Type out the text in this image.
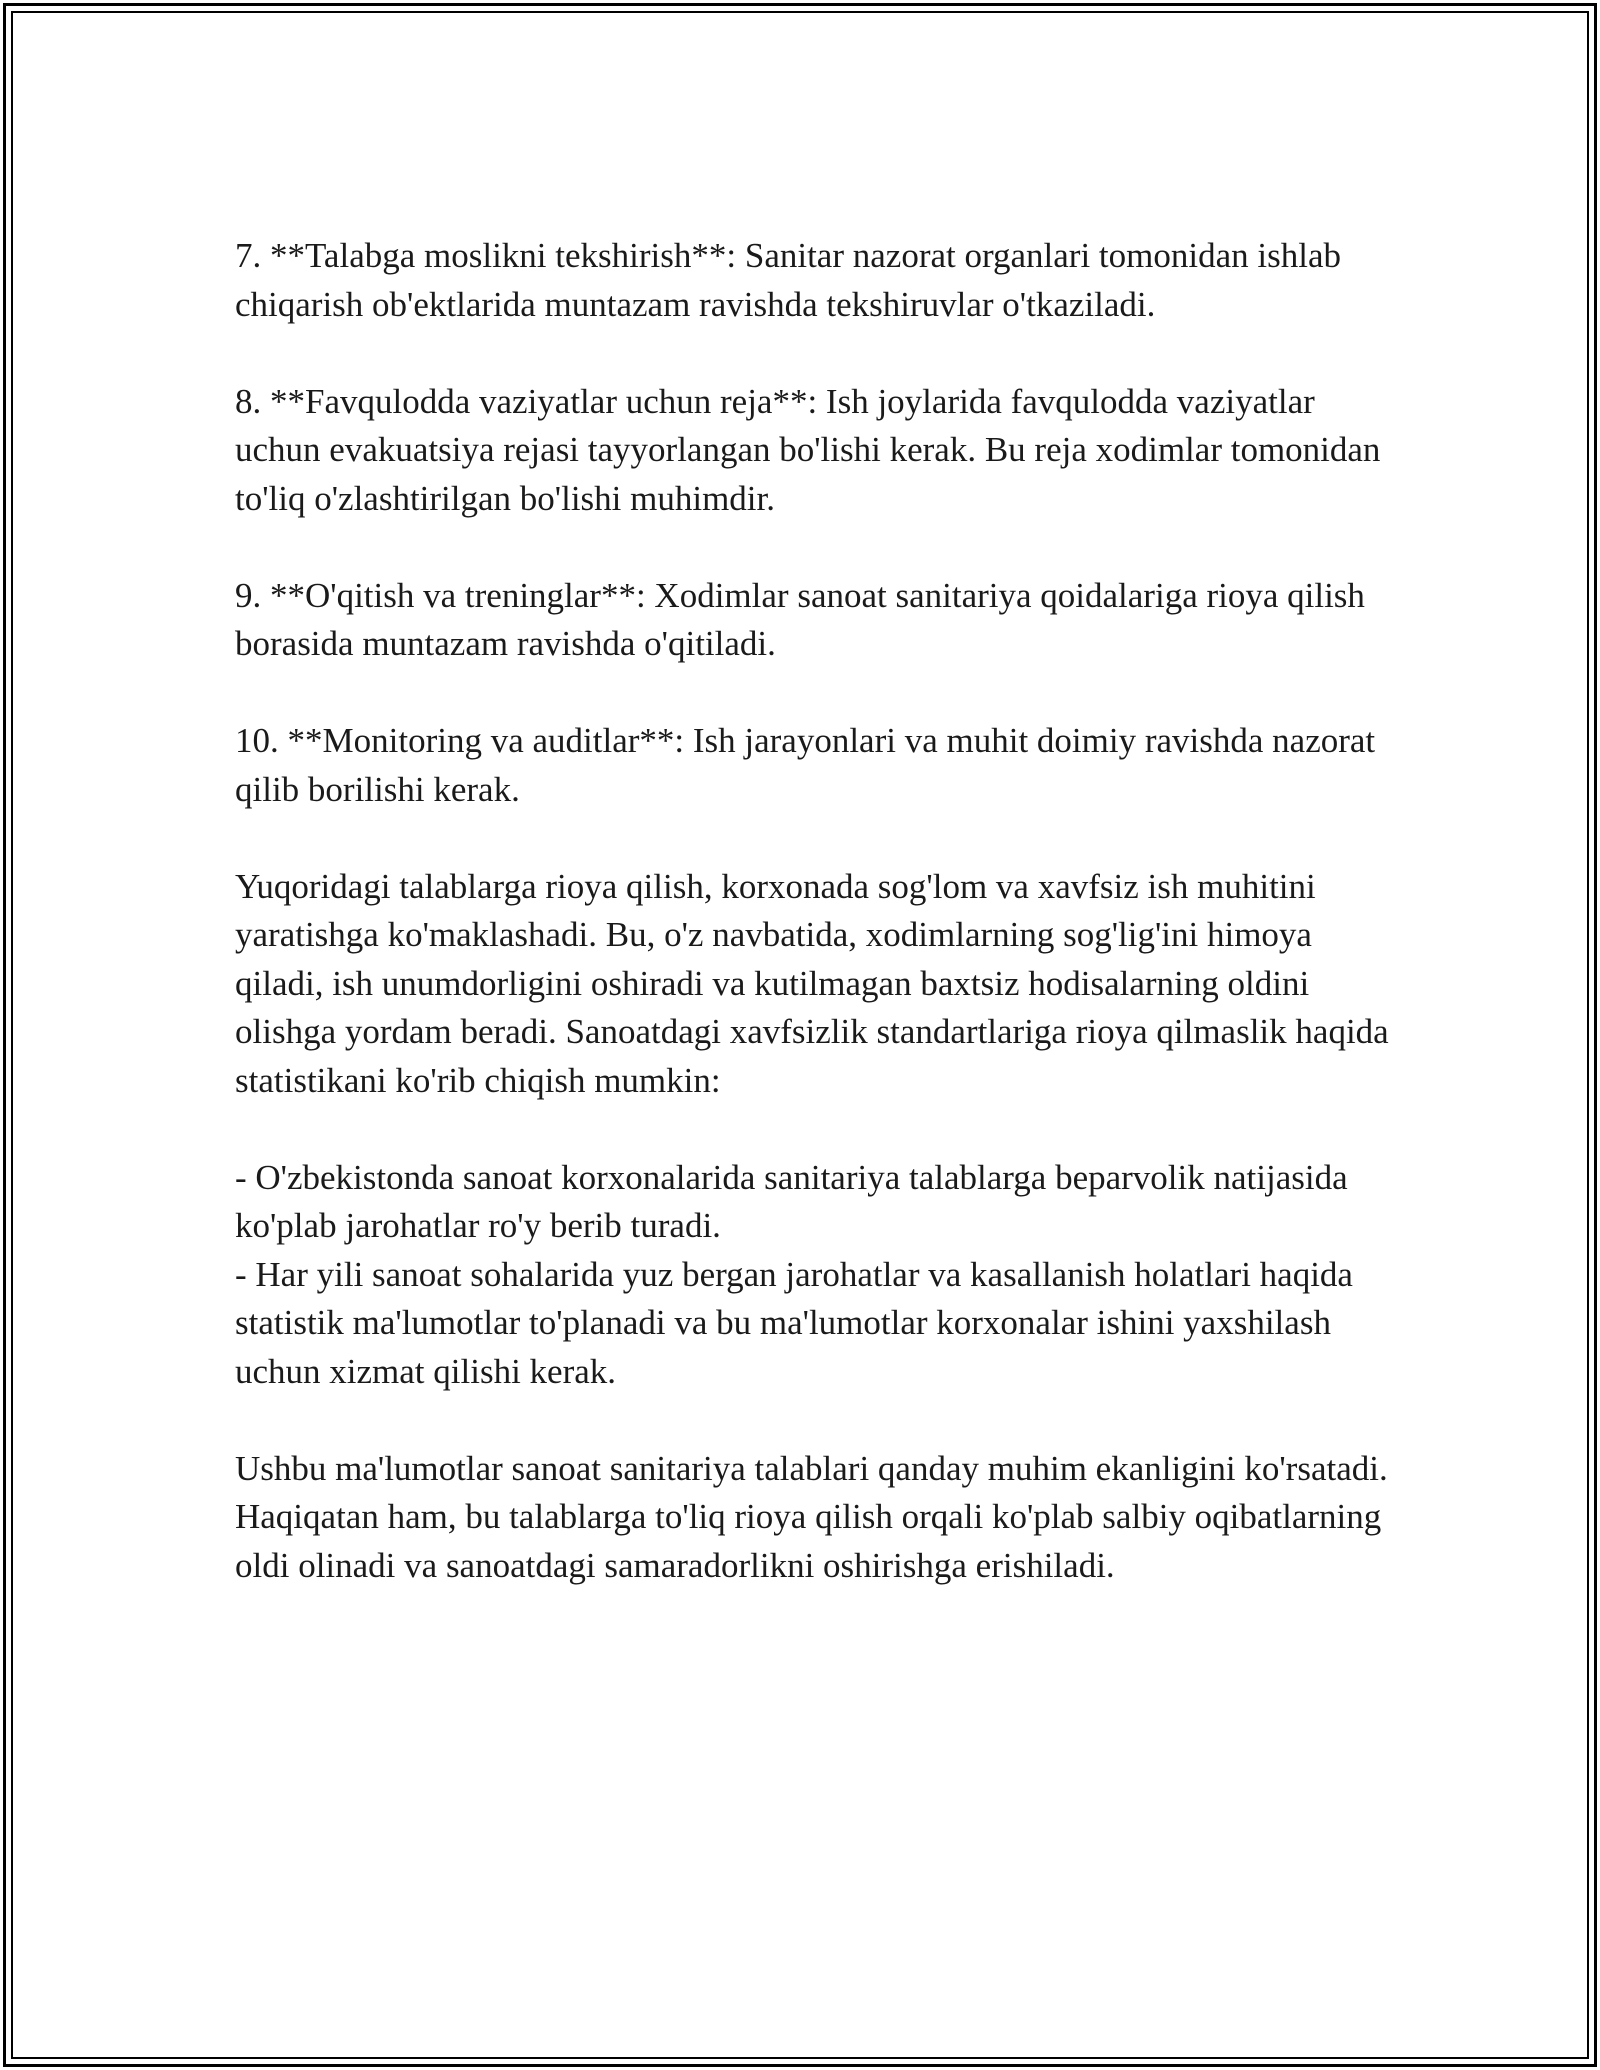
7. **Talabga moslikni tekshirish**: Sanitar nazorat organlari tomonidan ishlab chiqarish ob'ektlarida muntazam ravishda tekshiruvlar o'tkaziladi.

8. **Favqulodda vaziyatlar uchun reja**: Ish joylarida favqulodda vaziyatlar uchun evakuatsiya rejasi tayyorlangan bo'lishi kerak. Bu reja xodimlar tomonidan to'liq o'zlashtirilgan bo'lishi muhimdir.

9. **O'qitish va treninglar**: Xodimlar sanoat sanitariya qoidalariga rioya qilish borasida muntazam ravishda o'qitiladi.

10. **Monitoring va auditlar**: Ish jarayonlari va muhit doimiy ravishda nazorat qilib borilishi kerak.

Yuqoridagi talablarga rioya qilish, korxonada sog'lom va xavfsiz ish muhitini yaratishga ko'maklashadi. Bu, o'z navbatida, xodimlarning sog'lig'ini himoya qiladi, ish unumdorligini oshiradi va kutilmagan baxtsiz hodisalarning oldini olishga yordam beradi. Sanoatdagi xavfsizlik standartlariga rioya qilmaslik haqida statistikani ko'rib chiqish mumkin:

- O'zbekistonda sanoat korxonalarida sanitariya talablarga beparvolik natijasida ko'plab jarohatlar ro'y berib turadi.

- Har yili sanoat sohalarida yuz bergan jarohatlar va kasallanish holatlari haqida statistik ma'lumotlar to'planadi va bu ma'lumotlar korxonalar ishini yaxshilash uchun xizmat qilishi kerak.

Ushbu ma'lumotlar sanoat sanitariya talablari qanday muhim ekanligini ko'rsatadi. Haqiqatan ham, bu talablarga to'liq rioya qilish orqali ko'plab salbiy oqibatlarning oldi olinadi va sanoatdagi samaradorlikni oshirishga erishiladi.
